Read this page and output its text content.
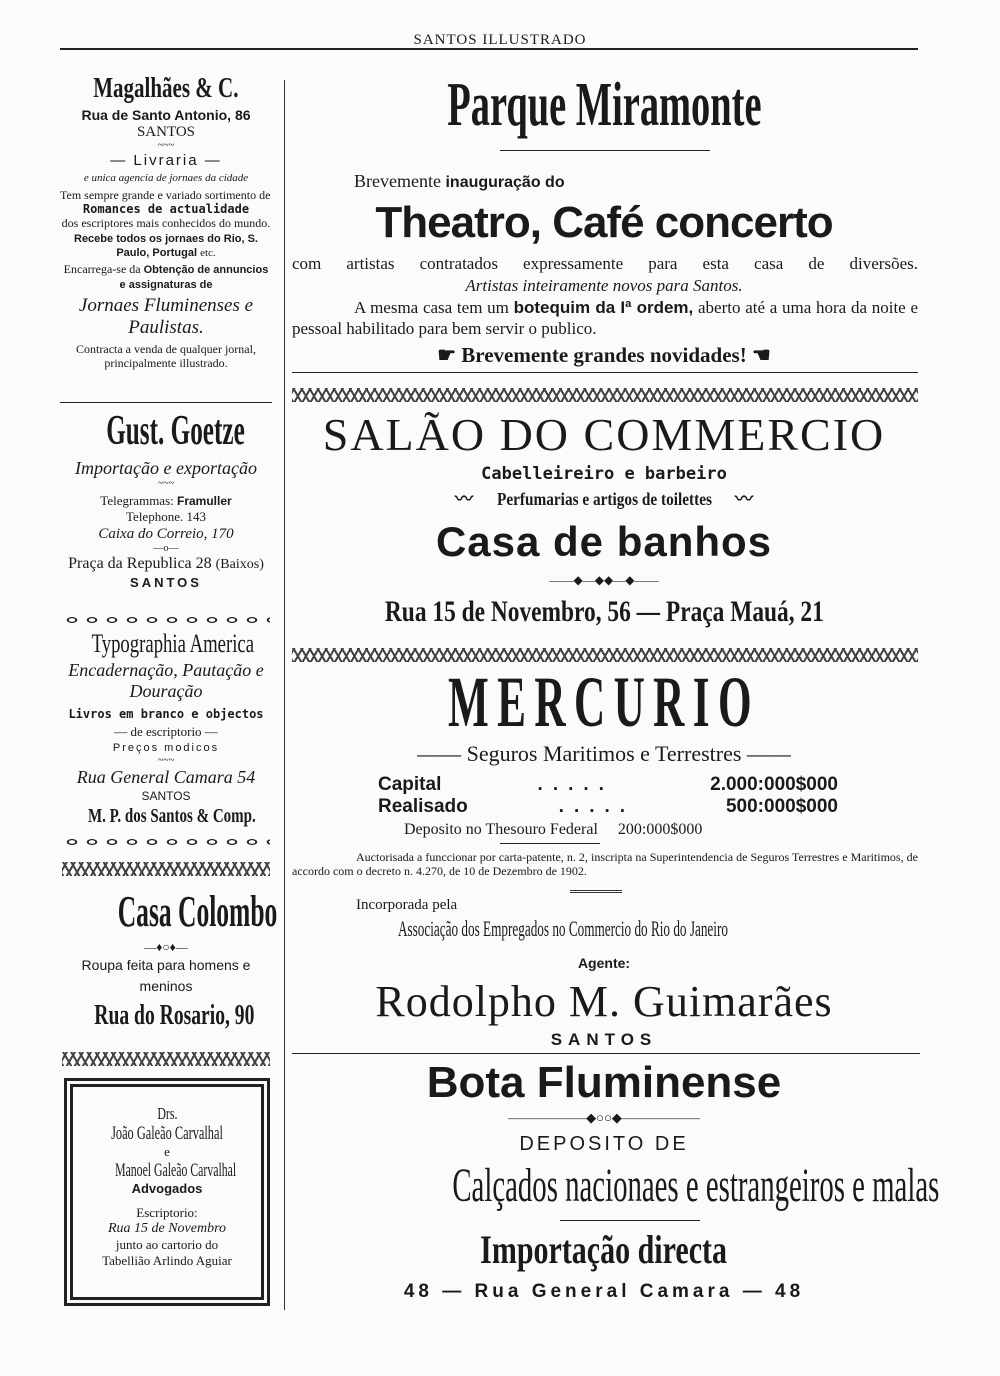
SANTOS ILLUSTRADO
Magalhães & C.
Rua de Santo Antonio, 86
SANTOS
~~~
— Livraria —
e unica agencia de jornaes da cidade
Tem sempre grande e variado sortimento de
Romances de actualidade
dos escriptores mais conhecidos do mundo.
Recebe todos os jornaes do Rio, S. Paulo, Portugal etc.
Encarrega-se da Obtenção de annuncios e assignaturas de
Jornaes Fluminenses e Paulistas.
Contracta a venda de qualquer jornal, principalmente illustrado.
Gust. Goetze
Importação e exportação
~~~
Telegrammas: Framuller
Telephone. 143
Caixa do Correio, 170
—o—
Praça da Republica 28 (Baixos)
SANTOS
Typographia America
Encadernação, Pautação e Douração
Livros em branco e objectos
— de escriptorio —
Preços modicos
~~~
Rua General Camara 54
SANTOS
M. P. dos Santos & Comp.
Casa Colombo
—♦○♦—
Roupa feita para homens e meninos
Rua do Rosario, 90
Drs.
João Galeão Carvalhal
e
Manoel Galeão Carvalhal
Advogados
Escriptorio:
Rua 15 de Novembro
junto ao cartorio do
Tabellião Arlindo Aguiar
Parque Miramonte
Brevemente inauguração do
Theatro, Café concerto
com artistas contratados expressamente para esta casa de diversões.
Artistas inteiramente novos para Santos.
A mesma casa tem um botequim da Iª ordem, aberto até a uma hora da noite e pessoal habilitado para bem servir o publico.
☛ Brevemente grandes novidades! ☚
SALÃO DO COMMERCIO
Cabelleireiro e barbeiro
〰 Perfumarias e artigos de toilettes 〰
Casa de banhos
——◆—◆◆—◆——
Rua 15 de Novembro, 56 — Praça Mauá, 21
MERCURIO
—— Seguros Maritimos e Terrestres ——
Capital	.....	2.000:000$000
Realisado	.....	500:000$000
Deposito no Thesouro Federal 200:000$000
Auctorisada a funccionar por carta-patente, n. 2, inscripta na Superintendencia de Seguros Terrestres e Maritimos, de accordo com o decreto n. 4.270, de 10 de Dezembro de 1902.
Incorporada pela
Associação dos Empregados no Commercio do Rio do Janeiro
Agente:
Rodolpho M. Guimarães
SANTOS
Bota Fluminense
——————◆○○◆——————
DEPOSITO DE
Calçados nacionaes e estrangeiros e malas
Importação directa
48 — Rua General Camara — 48
